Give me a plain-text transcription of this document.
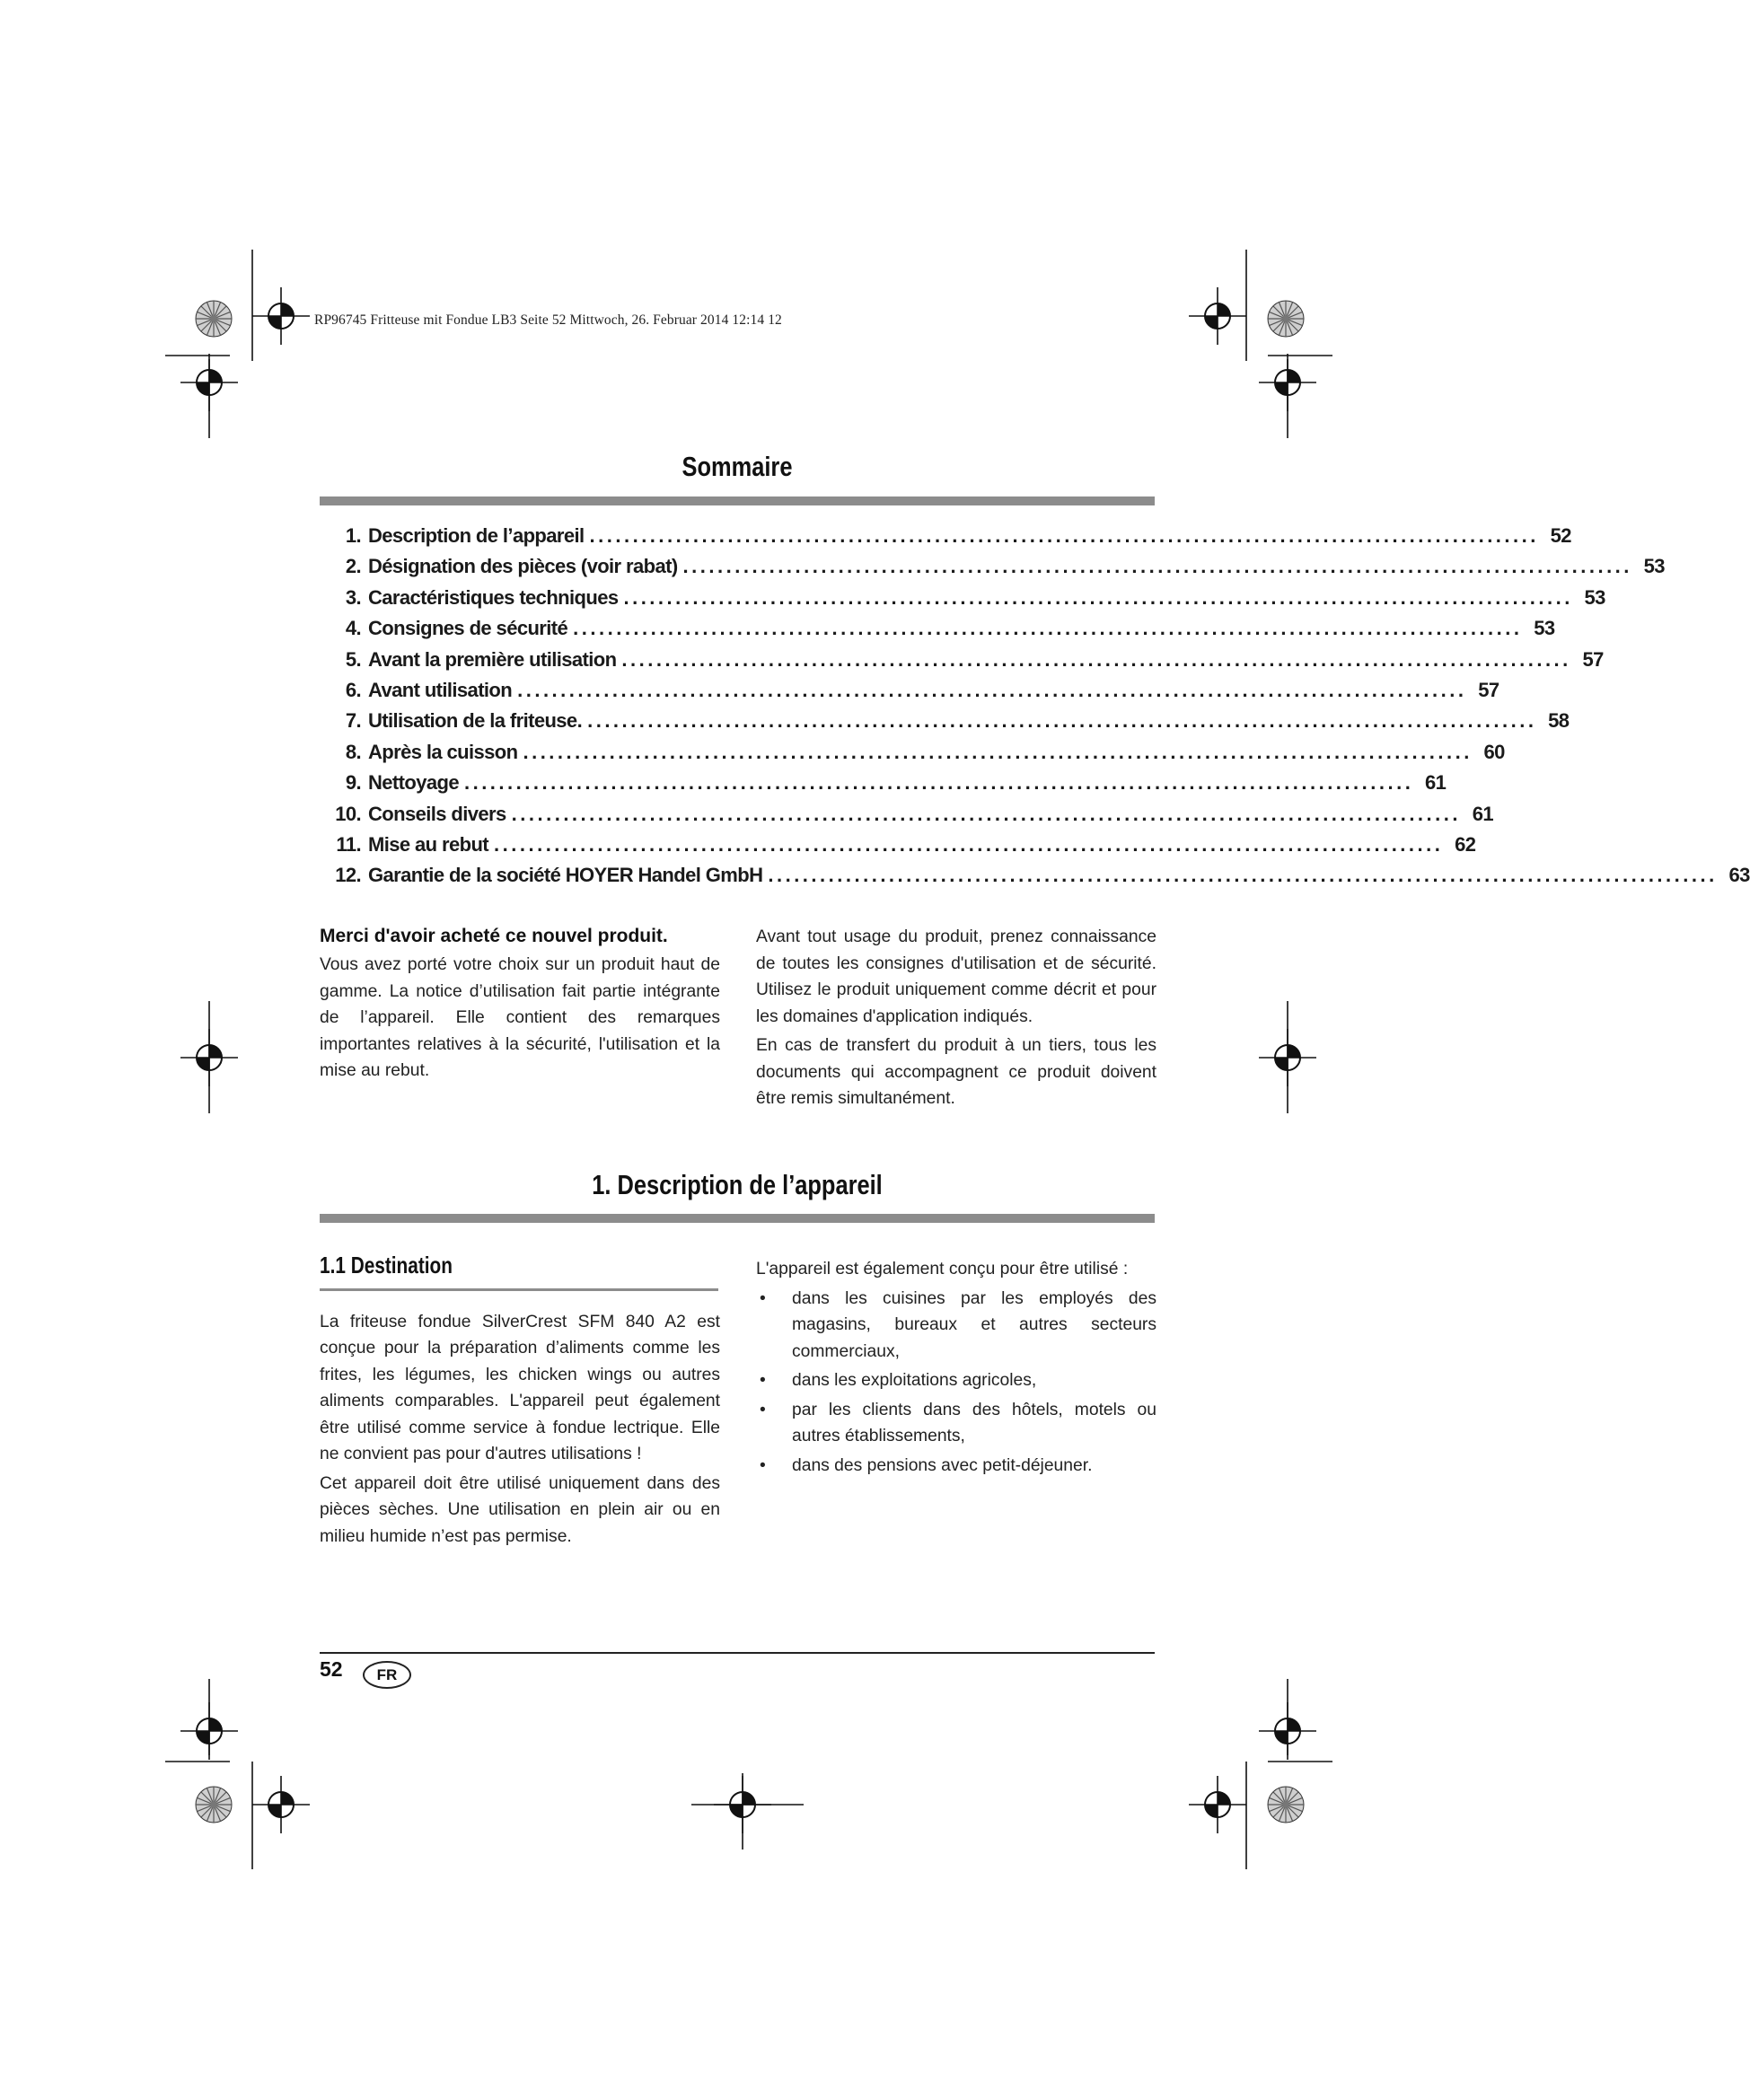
RP96745 Fritteuse mit Fondue LB3 Seite 52 Mittwoch, 26. Februar 2014 12:14 12
Sommaire
1. Description de l’appareil .............................................................................................................. 52
2. Désignation des pièces (voir rabat) .............................................................................................................. 53
3. Caractéristiques techniques .............................................................................................................. 53
4. Consignes de sécurité .............................................................................................................. 53
5. Avant la première utilisation .............................................................................................................. 57
6. Avant utilisation .............................................................................................................. 57
7. Utilisation de la friteuse. .............................................................................................................. 58
8. Après la cuisson .............................................................................................................. 60
9. Nettoyage .............................................................................................................. 61
10. Conseils divers .............................................................................................................. 61
11. Mise au rebut .............................................................................................................. 62
12. Garantie de la société HOYER Handel GmbH .............................................................................................................. 63
Merci d'avoir acheté ce nouvel produit.

Vous avez porté votre choix sur un produit haut de gamme. La notice d’utilisation fait partie intégrante de l’appareil. Elle contient des remarques importantes relatives à la sécurité, l'utilisation et la mise au rebut.

Avant tout usage du produit, prenez connaissance de toutes les consignes d'utilisation et de sécurité. Utilisez le produit uniquement comme décrit et pour les domaines d'application indiqués.

En cas de transfert du produit à un tiers, tous les documents qui accompagnent ce produit doivent être remis simultanément.

1. Description de l’appareil
1.1 Destination

La friteuse fondue SilverCrest SFM 840 A2 est conçue pour la préparation d’aliments comme les frites, les légumes, les chicken wings ou autres aliments comparables. L'appareil peut également être utilisé comme service à fondue lectrique. Elle ne convient pas pour d'autres utilisations !

Cet appareil doit être utilisé uniquement dans des pièces sèches. Une utilisation en plein air ou en milieu humide n’est pas permise.

L'appareil est également conçu pour être utilisé :

• dans les cuisines par les employés des magasins, bureaux et autres secteurs commerciaux,
• dans les exploitations agricoles,
• par les clients dans des hôtels, motels ou autres établissements,
• dans des pensions avec petit-déjeuner.
52	FR
